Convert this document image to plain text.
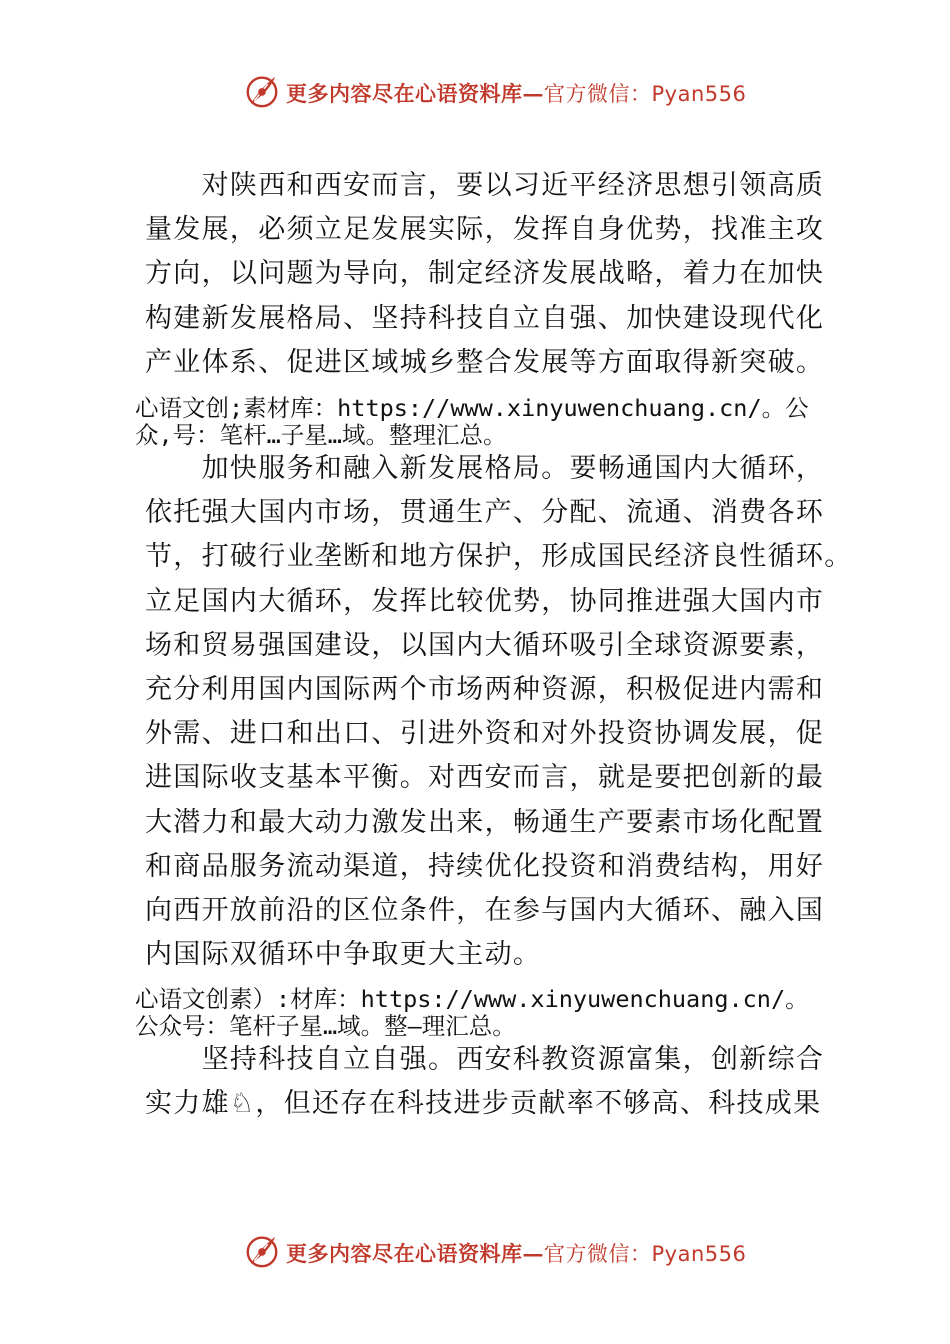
更多内容尽在心语资料库—官方微信：Pyan556
　　对陕西和西安而言，要以习近平经济思想引领高质
量发展，必须立足发展实际，发挥自身优势，找准主攻
方向，以问题为导向，制定经济发展战略，着力在加快
构建新发展格局、坚持科技自立自强、加快建设现代化
产业体系、促进区域城乡整合发展等方面取得新突破。
心语文创;素材库：https://www.xinyuwenchuang.cn/。公
众,号：笔杆…子星…域。整理汇总。
　　加快服务和融入新发展格局。要畅通国内大循环，
依托强大国内市场，贯通生产、分配、流通、消费各环
节，打破行业垄断和地方保护，形成国民经济良性循环。
立足国内大循环，发挥比较优势，协同推进强大国内市
场和贸易强国建设，以国内大循环吸引全球资源要素，
充分利用国内国际两个市场两种资源，积极促进内需和
外需、进口和出口、引进外资和对外投资协调发展，促
进国际收支基本平衡。对西安而言，就是要把创新的最
大潜力和最大动力激发出来，畅通生产要素市场化配置
和商品服务流动渠道，持续优化投资和消费结构，用好
向西开放前沿的区位条件，在参与国内大循环、融入国
内国际双循环中争取更大主动。
心语文创素）:材库：https://www.xinyuwenchuang.cn/。
公众号：笔杆子星…域。整—理汇总。
　　坚持科技自立自强。西安科教资源富集，创新综合
实力雄♘，但还存在科技进步贡献率不够高、科技成果
更多内容尽在心语资料库—官方微信：Pyan556
